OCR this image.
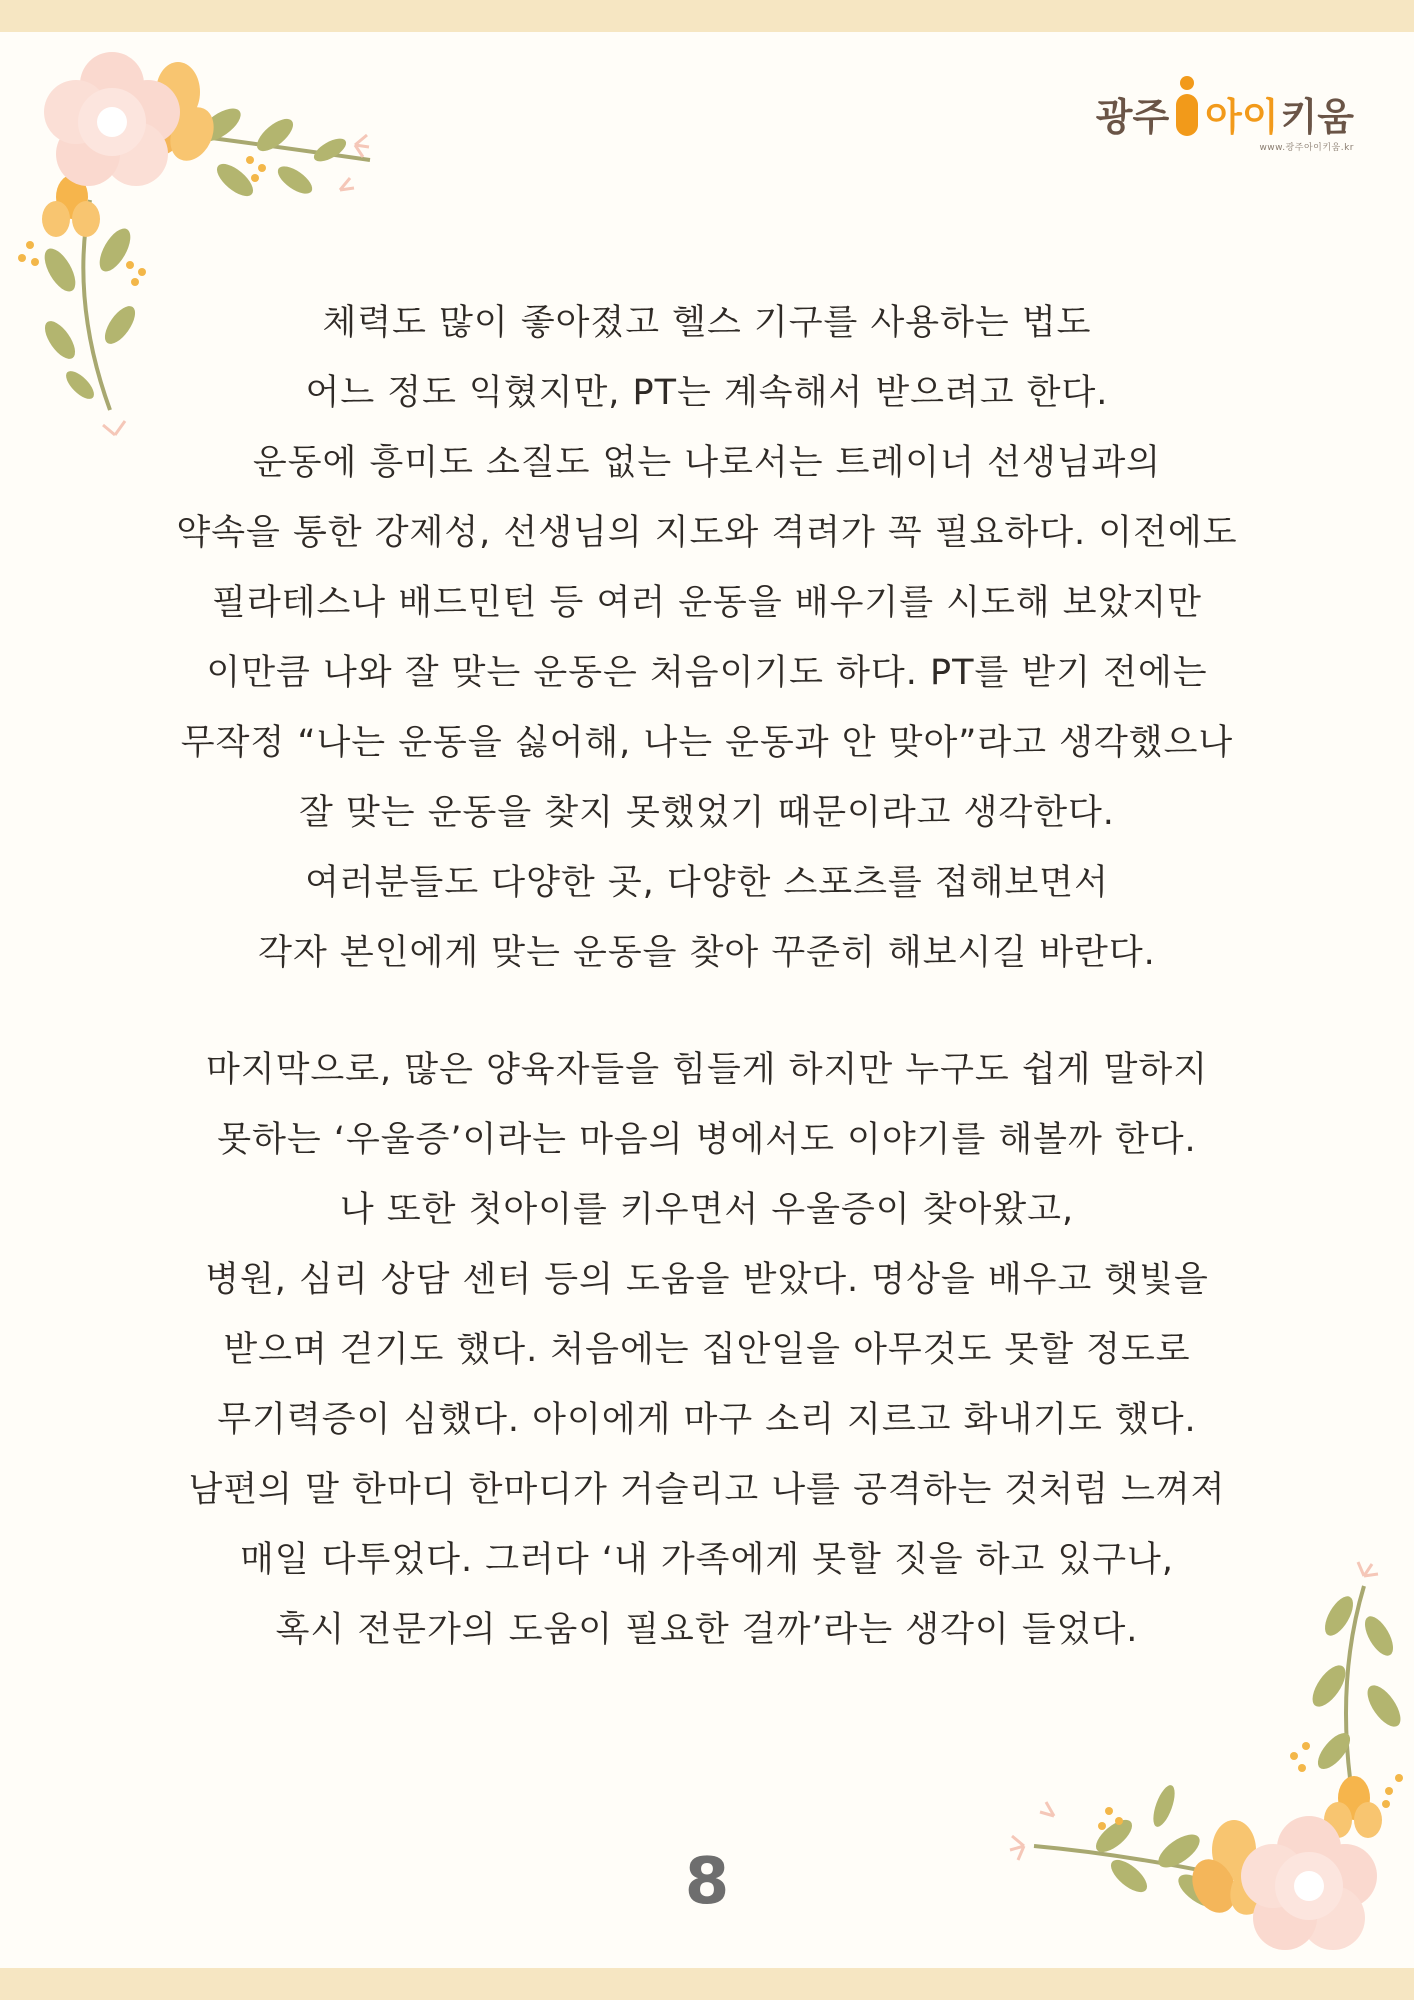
광주 아이 키움
www.광주아이키움.kr

체력도 많이 좋아졌고 헬스 기구를 사용하는 법도

어느 정도 익혔지만, PT는 계속해서 받으려고 한다.

운동에 흥미도 소질도 없는 나로서는 트레이너 선생님과의

약속을 통한 강제성, 선생님의 지도와 격려가 꼭 필요하다. 이전에도

필라테스나 배드민턴 등 여러 운동을 배우기를 시도해 보았지만

이만큼 나와 잘 맞는 운동은 처음이기도 하다. PT를 받기 전에는

무작정 “나는 운동을 싫어해, 나는 운동과 안 맞아”라고 생각했으나

잘 맞는 운동을 찾지 못했었기 때문이라고 생각한다.

여러분들도 다양한 곳, 다양한 스포츠를 접해보면서

각자 본인에게 맞는 운동을 찾아 꾸준히 해보시길 바란다.

마지막으로, 많은 양육자들을 힘들게 하지만 누구도 쉽게 말하지

못하는 ‘우울증’이라는 마음의 병에서도 이야기를 해볼까 한다.

나 또한 첫아이를 키우면서 우울증이 찾아왔고,

병원, 심리 상담 센터 등의 도움을 받았다. 명상을 배우고 햇빛을

받으며 걷기도 했다. 처음에는 집안일을 아무것도 못할 정도로

무기력증이 심했다. 아이에게 마구 소리 지르고 화내기도 했다.

남편의 말 한마디 한마디가 거슬리고 나를 공격하는 것처럼 느껴져

매일 다투었다. 그러다 ‘내 가족에게 못할 짓을 하고 있구나,

혹시 전문가의 도움이 필요한 걸까’라는 생각이 들었다.

8
